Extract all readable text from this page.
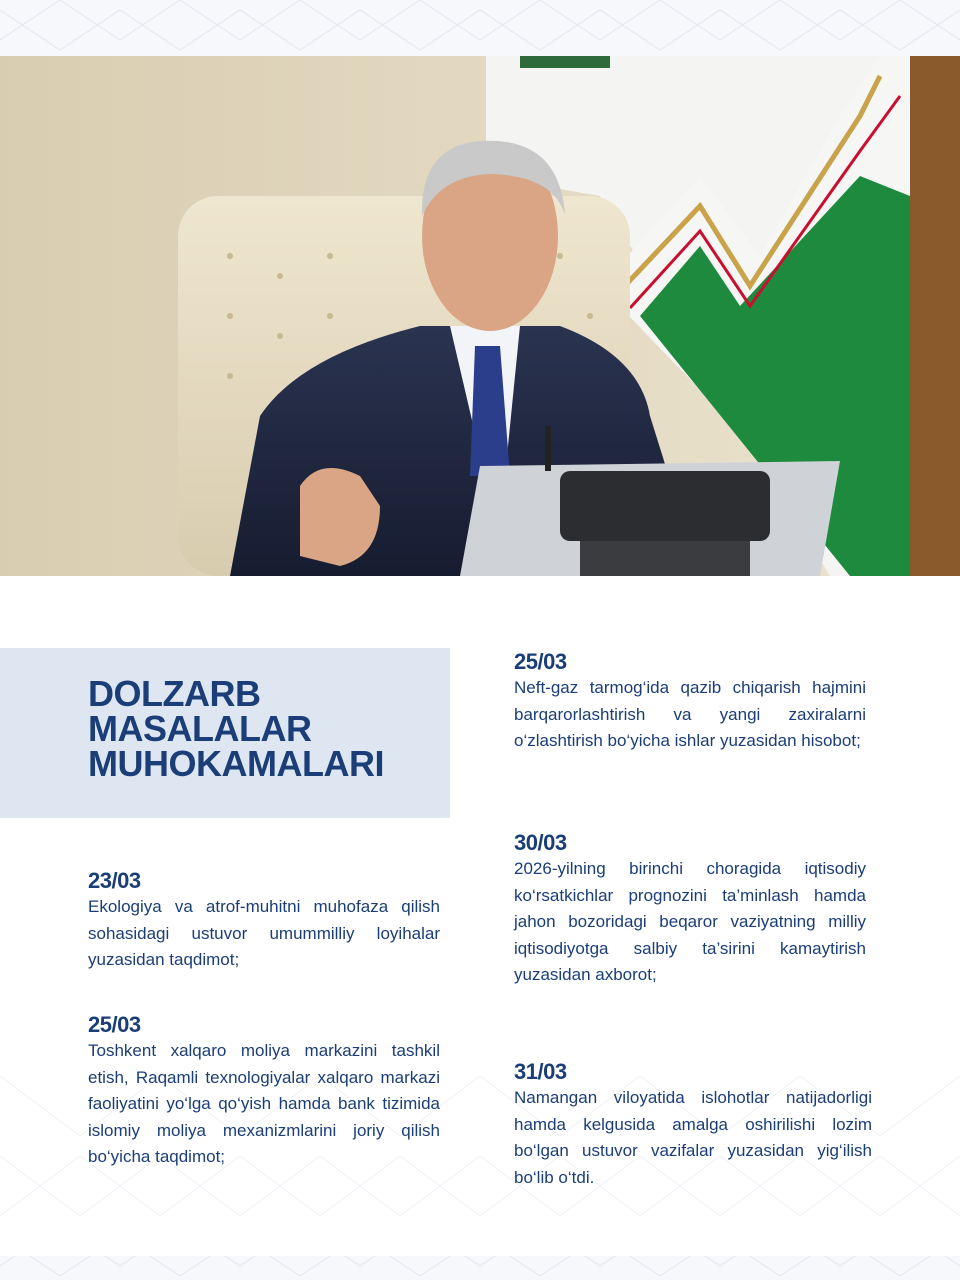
DOLZARB
MASALALAR
MUHOKAMALARI
23/03
Ekologiya va atrof-muhitni muhofaza qilish sohasidagi ustuvor umummilliy loyihalar yuzasidan taqdimot;
25/03
Toshkent xalqaro moliya markazini tashkil etish, Raqamli texnologiyalar xalqaro markazi faoliyatini yo‘lga qo‘yish hamda bank tizimida islomiy moliya mexanizmlarini joriy qilish bo‘yicha taqdimot;
25/03
Neft-gaz tarmog‘ida qazib chiqarish hajmini barqarorlashtirish va yangi zaxiralarni o‘zlashtirish bo‘yicha ishlar yuzasidan hisobot;
30/03
2026-yilning birinchi choragida iqtisodiy ko‘rsatkichlar prognozini ta’minlash hamda jahon bozoridagi beqaror vaziyatning milliy iqtisodiyotga salbiy ta’sirini kamaytirish yuzasidan axborot;
31/03
Namangan viloyatida islohotlar natijadorligi hamda kelgusida amalga oshirilishi lozim bo‘lgan ustuvor vazifalar yuzasidan yig‘ilish bo‘lib o‘tdi.
